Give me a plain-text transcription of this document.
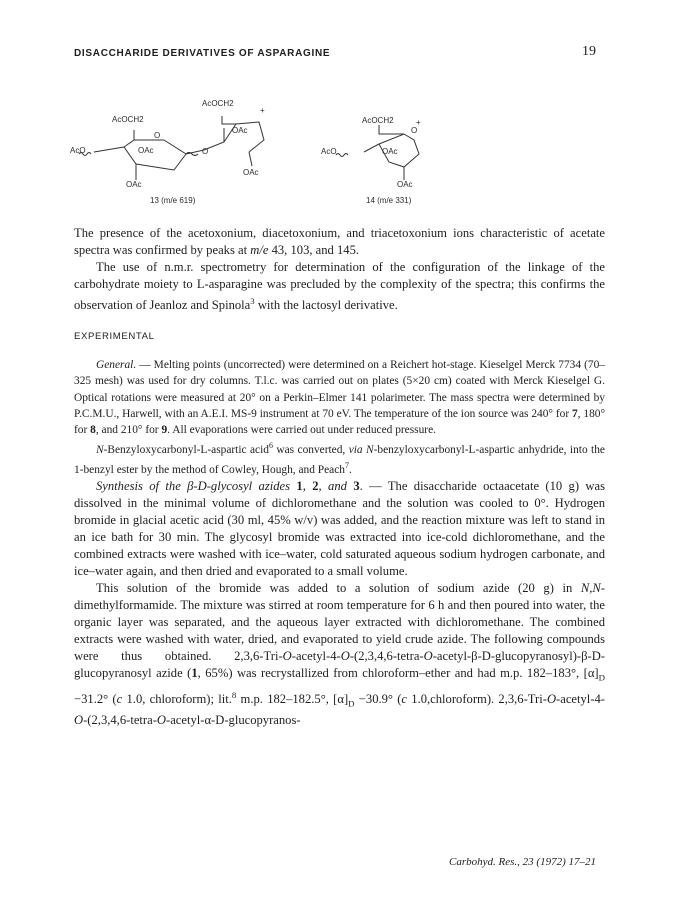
DISACCHARIDE DERIVATIVES OF ASPARAGINE	19
AcOCH2
AcOCH2
O
OAc
AcO
OAc
O
OAc
OAc
+
13 (m/e 619)
AcOCH2
O
+
AcO	OAc
OAc
14 (m/e 331)

The presence of the acetoxonium, diacetoxonium, and triacetoxonium ions characteristic of acetate spectra was confirmed by peaks at m/e 43, 103, and 145.

The use of n.m.r. spectrometry for determination of the configuration of the linkage of the carbohydrate moiety to L-asparagine was precluded by the complexity of the spectra; this confirms the observation of Jeanloz and Spinola$^3$ with the lactosyl derivative.

EXPERIMENTAL

General. — Melting points (uncorrected) were determined on a Reichert hot-stage. Kieselgel Merck 7734 (70–325 mesh) was used for dry columns. T.l.c. was carried out on plates (5×20 cm) coated with Merck Kieselgel G. Optical rotations were measured at 20° on a Perkin–Elmer 141 polarimeter. The mass spectra were determined by P.C.M.U., Harwell, with an A.E.I. MS-9 instrument at 70 eV. The temperature of the ion source was 240° for 7, 180° for 8, and 210° for 9. All evaporations were carried out under reduced pressure.

N-Benzyloxycarbonyl-L-aspartic acid$^6$ was converted, via N-benzyloxycarbonyl-L-aspartic anhydride, into the 1-benzyl ester by the method of Cowley, Hough, and Peach$^7$.

Synthesis of the β-D-glycosyl azides 1, 2, and 3. — The disaccharide octaacetate (10 g) was dissolved in the minimal volume of dichloromethane and the solution was cooled to 0°. Hydrogen bromide in glacial acetic acid (30 ml, 45% w/v) was added, and the reaction mixture was left to stand in an ice bath for 30 min. The glycosyl bromide was extracted into ice-cold dichloromethane, and the combined extracts were washed with ice–water, cold saturated aqueous sodium hydrogen carbonate, and ice–water again, and then dried and evaporated to a small volume.

This solution of the bromide was added to a solution of sodium azide (20 g) in N,N-dimethylformamide. The mixture was stirred at room temperature for 6 h and then poured into water, the organic layer was separated, and the aqueous layer extracted with dichloromethane. The combined extracts were washed with water, dried, and evaporated to yield crude azide. The following compounds were thus obtained. 2,3,6-Tri-O-acetyl-4-O-(2,3,4,6-tetra-O-acetyl-β-D-glucopyranosyl)-β-D-glucopyranosyl azide (1, 65%) was recrystallized from chloroform–ether and had m.p. 182–183°, $[\alpha]_D -31.2^\circ$ (c 1.0, chloroform); lit.$^8$ m.p. 182–182.5°, $[\alpha]_D -30.9^\circ$ (c 1.0,chloroform). 2,3,6-Tri-O-acetyl-4-O-(2,3,4,6-tetra-O-acetyl-α-D-glucopyranos-

Carbohyd. Res., 23 (1972) 17–21
